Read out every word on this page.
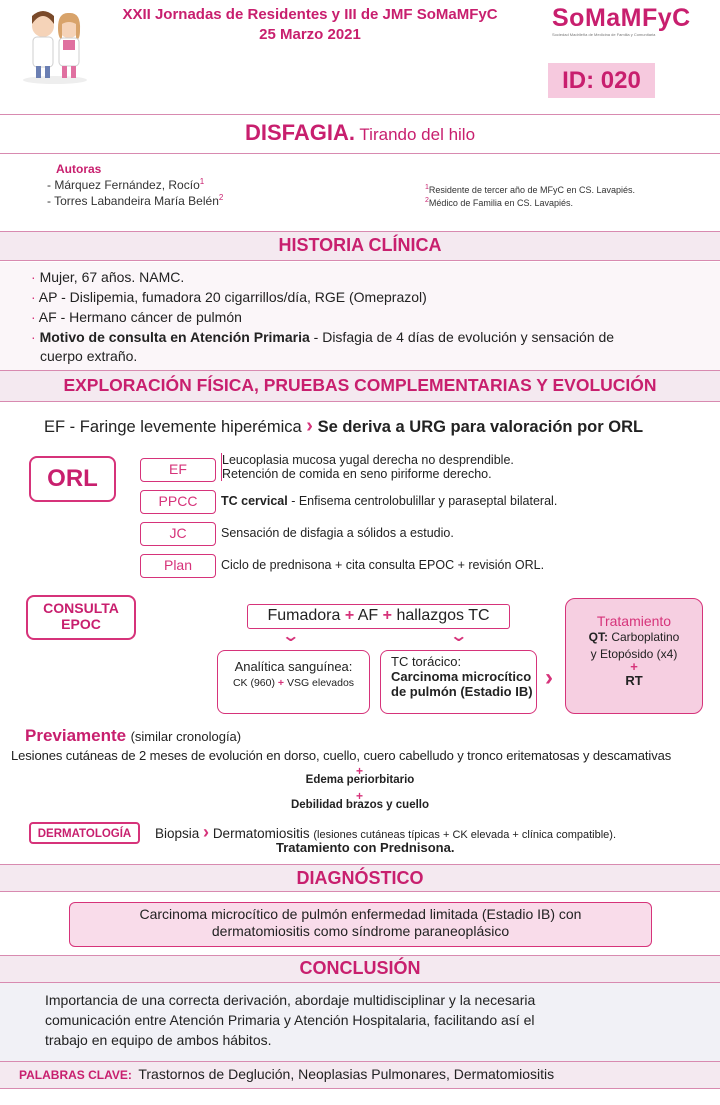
XXII Jornadas de Residentes y III de JMF SoMaMFyC
25 Marzo 2021
SoMaMFyC
Sociedad Madrileña de Medicina de Familia y Comunitaria
ID: 020
DISFAGIA. Tirando del hilo
Autoras
- Márquez Fernández, Rocío$^1$
- Torres Labandeira María Belén$^2$
$^1$Residente de tercer año de MFyC en CS. Lavapiés.
$^2$Médico de Familia en CS. Lavapiés.
HISTORIA CLÍNICA
· Mujer, 67 años. NAMC.
· AP - Dislipemia, fumadora 20 cigarrillos/día, RGE (Omeprazol)
· AF - Hermano cáncer de pulmón
· Motivo de consulta en Atención Primaria - Disfagia de 4 días de evolución y sensación de
cuerpo extraño.
EXPLORACIÓN FÍSICA, PRUEBAS COMPLEMENTARIAS Y EVOLUCIÓN
EF - Faringe levemente hiperémica › Se deriva a URG para valoración por ORL
ORL	EF
Leucoplasia mucosa yugal derecha no desprendible.
Retención de comida en seno piriforme derecho.
PPCC	TC cervical - Enfisema centrolobulillar y paraseptal bilateral.
JC	Sensación de disfagia a sólidos a estudio.
Plan	Ciclo de prednisona + cita consulta EPOC + revisión ORL.
CONSULTA
EPOC	Fumadora + AF + hallazgos TC
⌄	⌄
Analítica sanguínea:
CK (960) + VSG elevados
TC torácico:
Carcinoma microcítico
de pulmón (Estadio IB)
›
Tratamiento
QT: Carboplatino
y Etopósido (x4)
+
RT
Previamente (similar cronología)
Lesiones cutáneas de 2 meses de evolución en dorso, cuello, cuero cabelludo y tronco eritematosas y descamativas
+
Edema periorbitario
+
Debilidad brazos y cuello
DERMATOLOGÍA	Biopsia › Dermatomiositis (lesiones cutáneas típicas + CK elevada + clínica compatible).
Tratamiento con Prednisona.
DIAGNÓSTICO
Carcinoma microcítico de pulmón enfermedad limitada (Estadio IB) con
dermatomiositis como síndrome paraneoplásico
CONCLUSIÓN
Importancia de una correcta derivación, abordaje multidisciplinar y la necesaria
comunicación entre Atención Primaria y Atención Hospitalaria, facilitando así el
trabajo en equipo de ambos hábitos.
PALABRAS CLAVE: Trastornos de Deglución, Neoplasias Pulmonares, Dermatomiositis
